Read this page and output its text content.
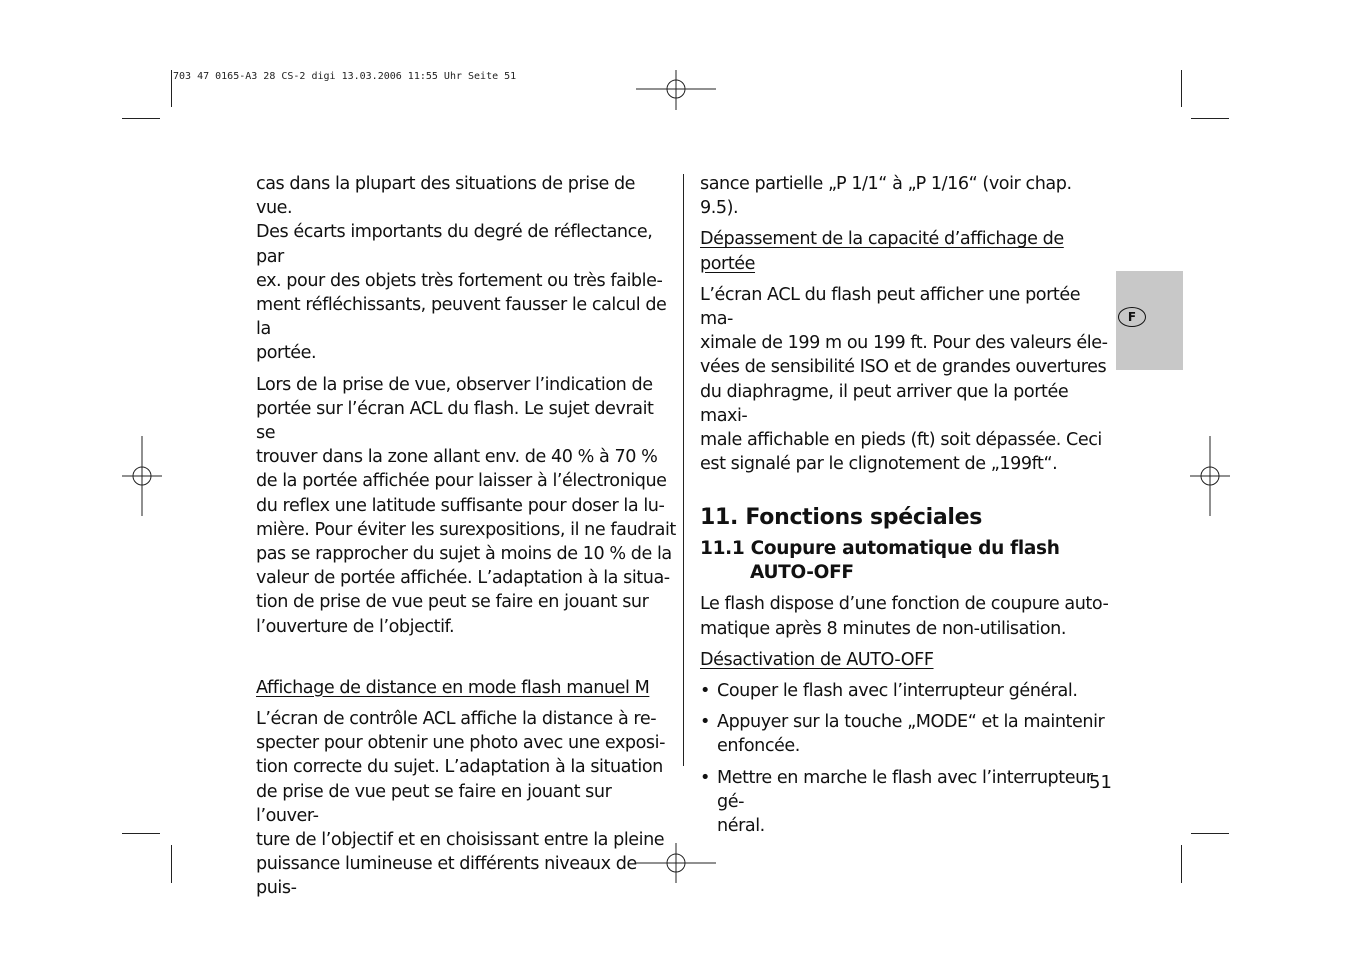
703 47 0165-A3 28 CS-2 digi 13.03.2006 11:55 Uhr Seite 51

cas dans la plupart des situations de prise de vue.
Des écarts importants du degré de réflectance, par
ex. pour des objets très fortement ou très faible-
ment réfléchissants, peuvent fausser le calcul de la
portée.

Lors de la prise de vue, observer l’indication de
portée sur l’écran ACL du flash. Le sujet devrait se
trouver dans la zone allant env. de 40 % à 70 %
de la portée affichée pour laisser à l’électronique
du reflex une latitude suffisante pour doser la lu-
mière. Pour éviter les surexpositions, il ne faudrait
pas se rapprocher du sujet à moins de 10 % de la
valeur de portée affichée. L’adaptation à la situa-
tion de prise de vue peut se faire en jouant sur
l’ouverture de l’objectif.

Affichage de distance en mode flash manuel M

L’écran de contrôle ACL affiche la distance à re-
specter pour obtenir une photo avec une exposi-
tion correcte du sujet. L’adaptation à la situation
de prise de vue peut se faire en jouant sur l’ouver-
ture de l’objectif et en choisissant entre la pleine
puissance lumineuse et différents niveaux de puis-

sance partielle „P 1/1“ à „P 1/16“ (voir chap.
9.5).

Dépassement de la capacité d’affichage de portée

L’écran ACL du flash peut afficher une portée ma-
ximale de 199 m ou 199 ft. Pour des valeurs éle-
vées de sensibilité ISO et de grandes ouvertures
du diaphragme, il peut arriver que la portée maxi-
male affichable en pieds (ft) soit dépassée. Ceci
est signalé par le clignotement de „199ft“.

11. Fonctions spéciales

11.1 Coupure automatique du flash
AUTO-OFF

Le flash dispose d’une fonction de coupure auto-
matique après 8 minutes de non-utilisation.

Désactivation de AUTO-OFF

• Couper le flash avec l’interrupteur général.
• Appuyer sur la touche „MODE“ et la maintenir
enfoncée.
• Mettre en marche le flash avec l’interrupteur gé-
néral.
F
51
